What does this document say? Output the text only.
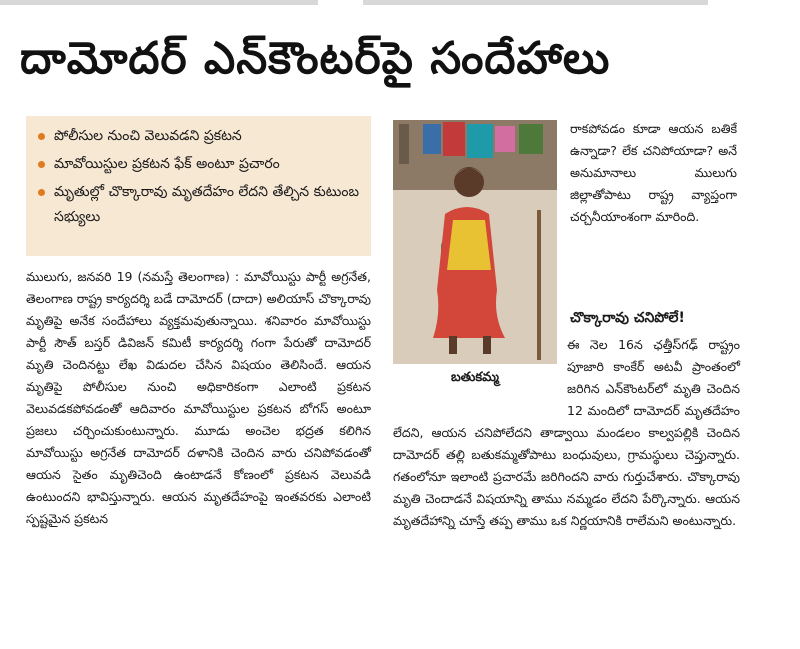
దామోదర్ ఎన్‌కౌంటర్‌పై సందేహాలు
పోలీసుల నుంచి వెలువడని ప్రకటన
మావోయిస్టుల ప్రకటన ఫేక్ అంటూ ప్రచారం
మృతుల్లో చొక్కారావు మృతదేహం లేదని తేల్చిన కుటుంబ సభ్యులు
ములుగు, జనవరి 19 (నమస్తే తెలంగాణ) : మావోయిస్టు పార్టీ అగ్రనేత, తెలంగాణ రాష్ట్ర కార్యదర్శి బడే దామోదర్ (దాదా) అలియాస్ చొక్కారావు మృతిపై అనేక సందేహాలు వ్యక్తమవుతున్నాయి. శనివారం మావోయిస్టు పార్టీ సౌత్ బస్తర్ డివిజన్ కమిటీ కార్యదర్శి గంగా పేరుతో దామోదర్ మృతి చెందినట్టు లేఖ విడుదల చేసిన విషయం తెలిసిందే. ఆయన మృతిపై పోలీసుల నుంచి అధికారికంగా ఎలాంటి ప్రకటన వెలువడకపోవడంతో ఆదివారం మావోయిస్టుల ప్రకటన బోగస్ అంటూ ప్రజలు చర్చించుకుంటున్నారు. మూడు అంచెల భద్రత కలిగిన మావోయిస్టు అగ్రనేత దామోదర్ దళానికి చెందిన వారు చనిపోవడంతో ఆయన సైతం మృతిచెంది ఉంటాడనే కోణంలో ప్రకటన వెలువడి ఉంటుందని భావిస్తున్నారు. ఆయన మృతదేహంపై ఇంతవరకు ఎలాంటి స్పష్టమైన ప్రకటన
బతుకమ్మ
రాకపోవడం కూడా ఆయన బతికే ఉన్నాడా? లేక చనిపోయాడా? అనే అనుమానాలు ములుగు జిల్లాతోపాటు రాష్ట్ర వ్యాప్తంగా చర్చనీయాంశంగా మారింది.
చొక్కారావు చనిపోలే!
ఈ నెల 16న ఛత్తీస్‌గఢ్ రాష్ట్రం పూజారి కాంకేర్ అటవీ ప్రాంతంలో జరిగిన ఎన్‌కౌంటర్‌లో మృతి చెందిన 12 మందిలో దామోదర్ మృతదేహం లేదని, ఆయన చనిపోలేదని తాడ్వాయి మండలం కాల్వపల్లికి చెందిన దామోదర్ తల్లి బతుకమ్మతోపాటు బంధువులు, గ్రామస్థులు చెప్తున్నారు. గతంలోనూ ఇలాంటి ప్రచారమే జరిగిందని వారు గుర్తుచేశారు. చొక్కారావు మృతి చెందాడనే విషయాన్ని తాము నమ్మడం లేదని పేర్కొన్నారు. ఆయన మృతదేహాన్ని చూస్తే తప్ప తాము ఒక నిర్ణయానికి రాలేమని అంటున్నారు.
